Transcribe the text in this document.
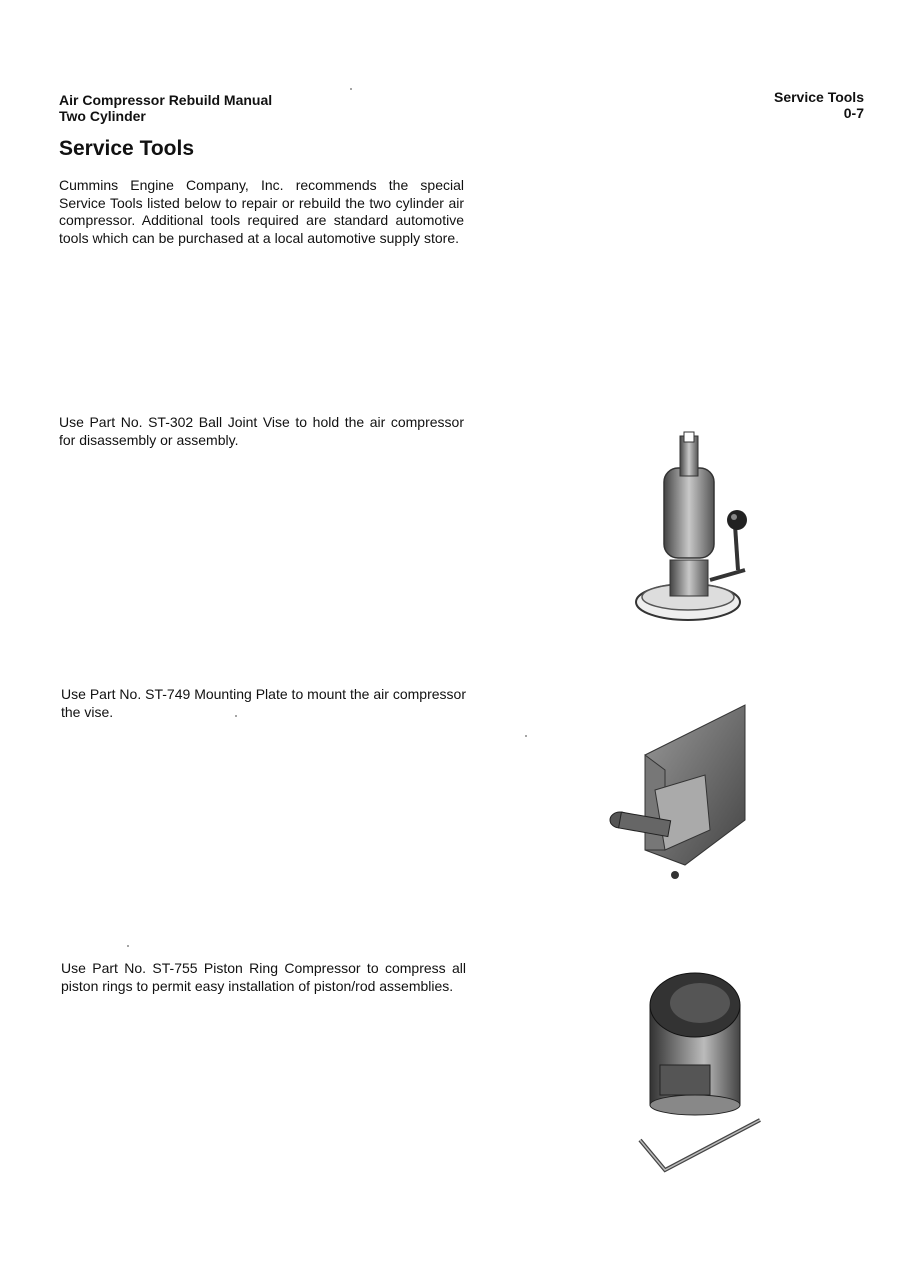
Air Compressor Rebuild Manual
Two Cylinder
Service Tools
0-7
Service Tools

Cummins Engine Company, Inc. recommends the special Service Tools listed below to repair or rebuild the two cylinder air compressor. Additional tools required are standard automotive tools which can be purchased at a local automotive supply store.

Use Part No. ST-302 Ball Joint Vise to hold the air compressor for disassembly or assembly.

Use Part No. ST-749 Mounting Plate to mount the air compressor the vise.

Use Part No. ST-755 Piston Ring Compressor to compress all piston rings to permit easy installation of piston/rod assemblies.
